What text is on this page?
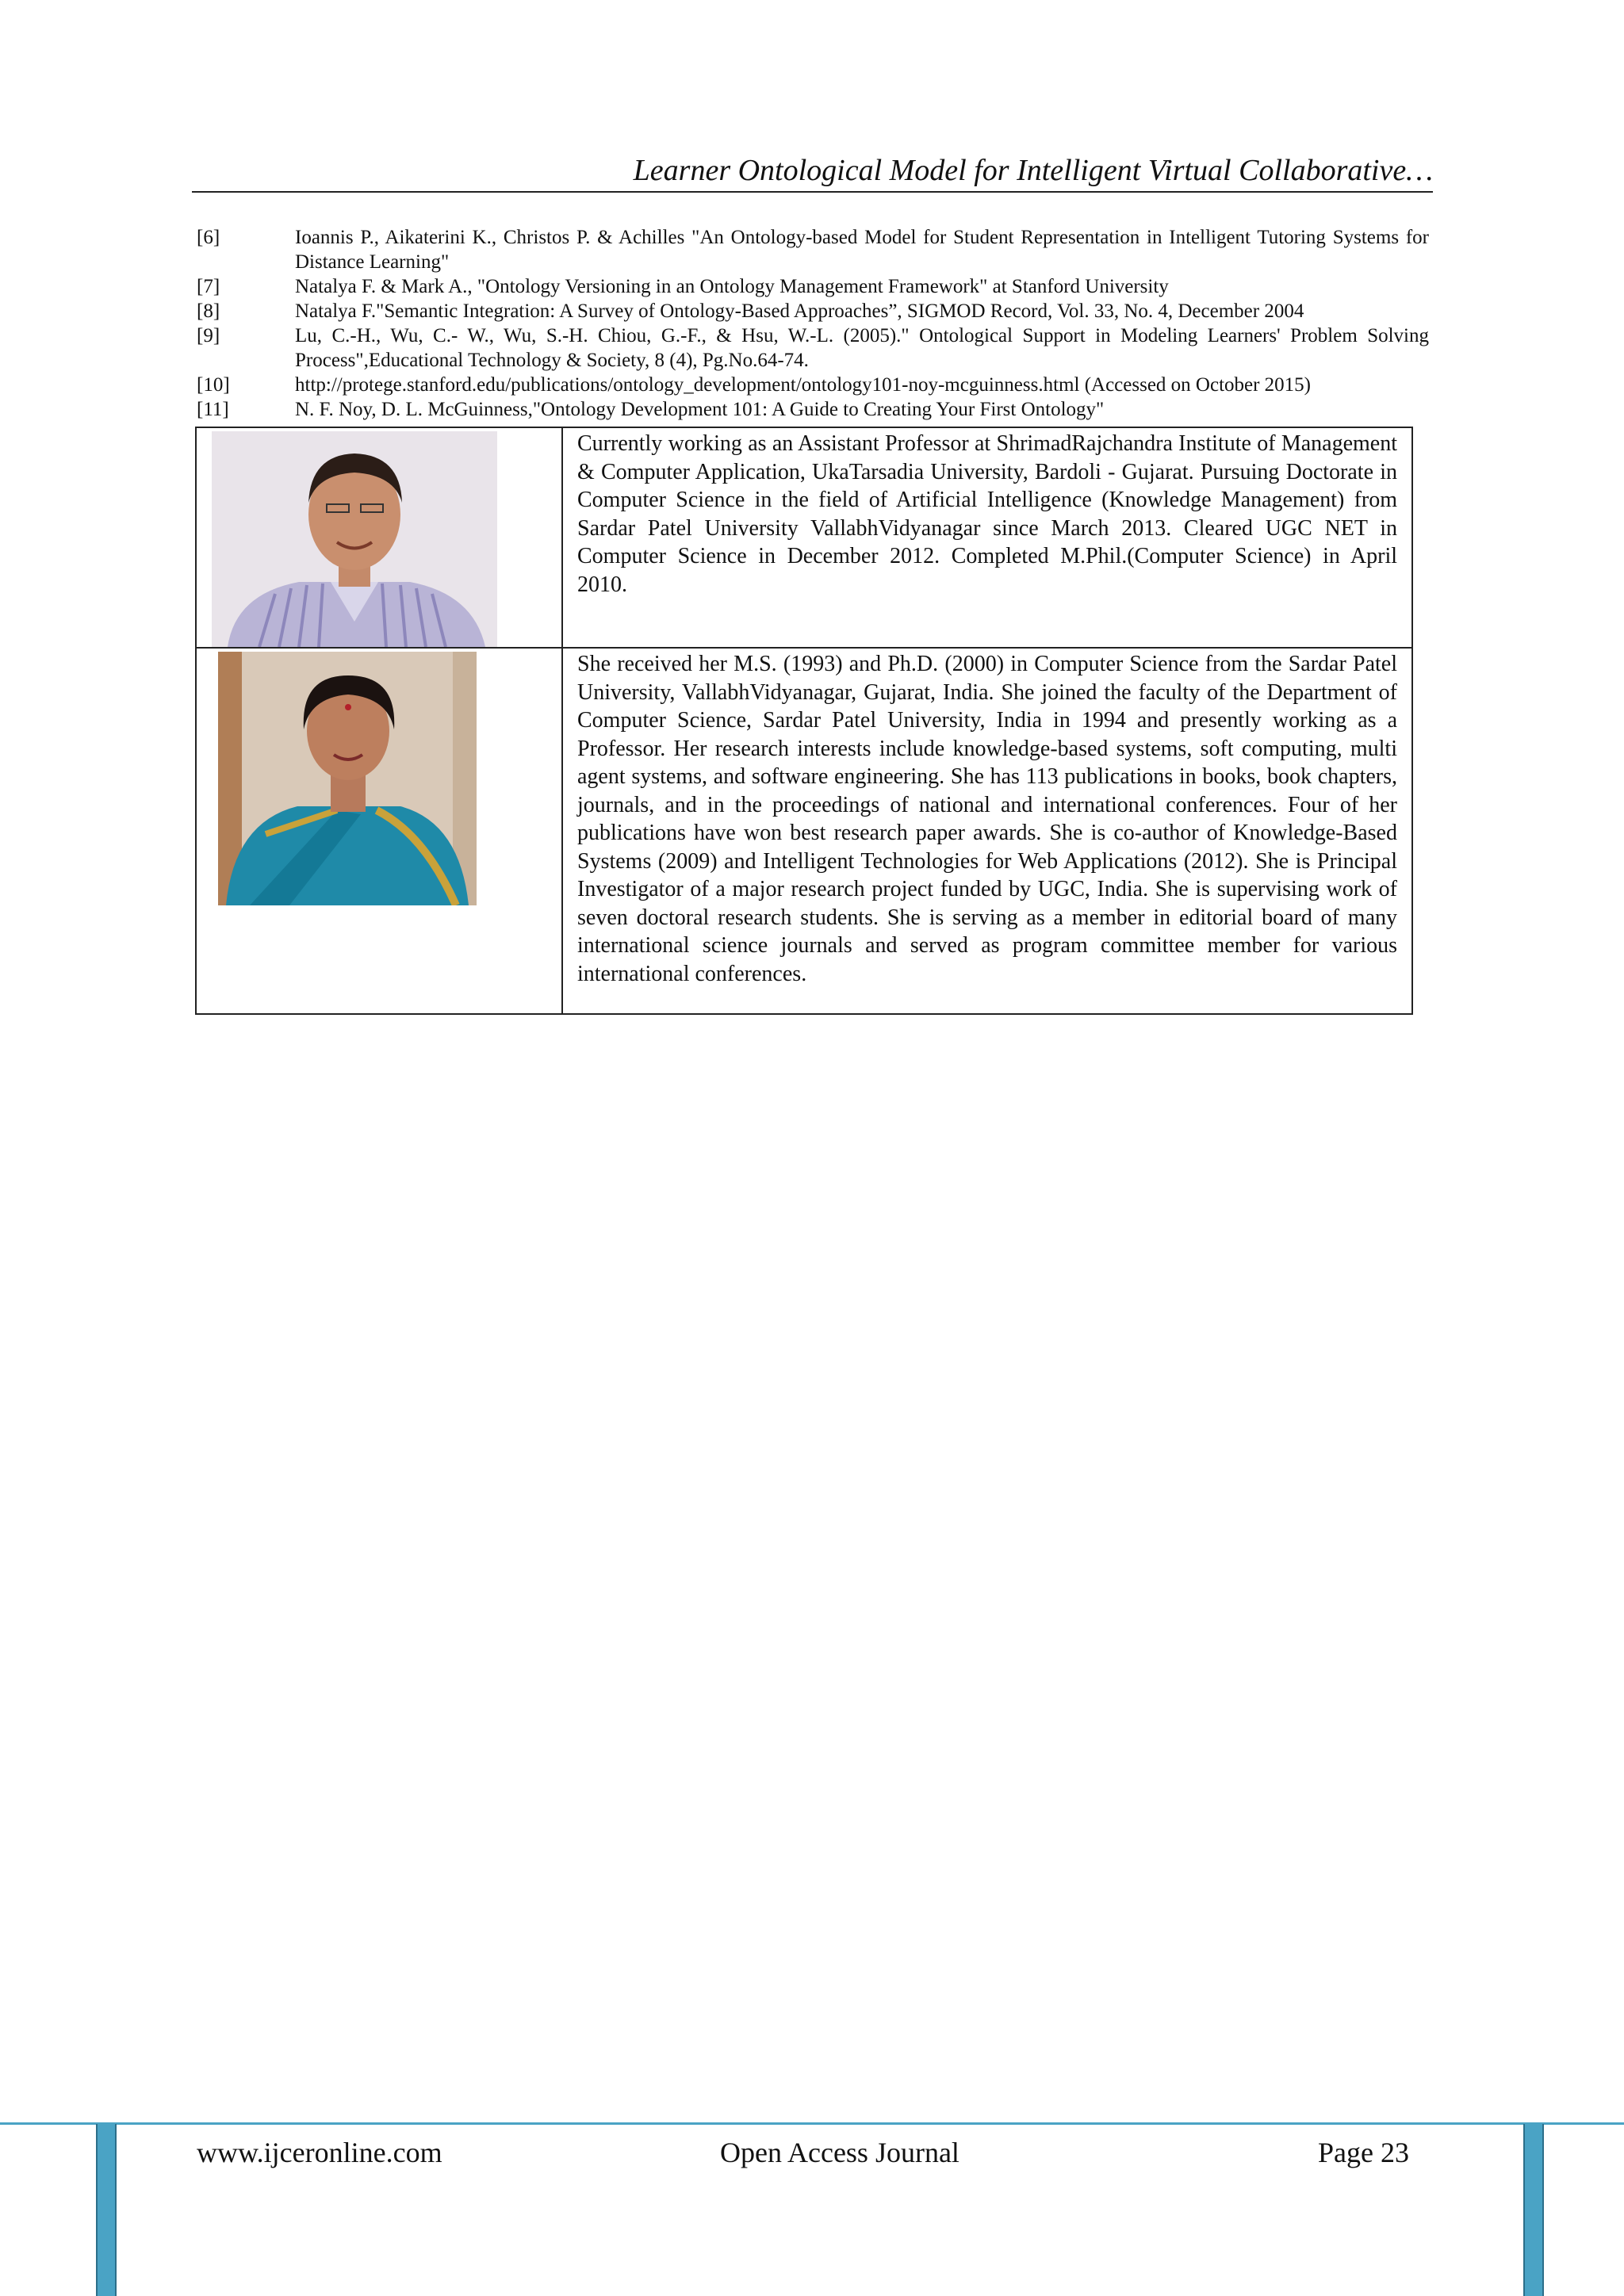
Learner Ontological Model for Intelligent Virtual Collaborative…
[6]	Ioannis P., Aikaterini K., Christos P. & Achilles "An Ontology-based Model for Student Representation in Intelligent Tutoring Systems for Distance Learning"
[7]	Natalya F. & Mark A., "Ontology Versioning in an Ontology Management Framework" at Stanford University
[8]	Natalya F."Semantic Integration: A Survey of Ontology-Based Approaches”, SIGMOD Record, Vol. 33, No. 4, December 2004
[9]	Lu, C.-H., Wu, C.- W., Wu, S.-H. Chiou, G.-F., & Hsu, W.-L. (2005)." Ontological Support in Modeling Learners' Problem Solving Process",Educational Technology & Society, 8 (4), Pg.No.64-74.
[10]	http://protege.stanford.edu/publications/ontology_development/ontology101-noy-mcguinness.html (Accessed on October 2015)
[11]	N. F. Noy, D. L. McGuinness,"Ontology Development 101: A Guide to Creating Your First Ontology"
	Currently working as an Assistant Professor at ShrimadRajchandra Institute of Management & Computer Application, UkaTarsadia University, Bardoli - Gujarat. Pursuing Doctorate in Computer Science in the field of Artificial Intelligence (Knowledge Management) from Sardar Patel University VallabhVidyanagar since March 2013. Cleared UGC NET in Computer Science in December 2012. Completed M.Phil.(Computer Science) in April 2010.

	She received her M.S. (1993) and Ph.D. (2000) in Computer Science from the Sardar Patel University, VallabhVidyanagar, Gujarat, India. She joined the faculty of the Department of Computer Science, Sardar Patel University, India in 1994 and presently working as a Professor. Her research interests include knowledge-based systems, soft computing, multi agent systems, and software engineering. She has 113 publications in books, book chapters, journals, and in the proceedings of national and international conferences. Four of her publications have won best research paper awards. She is co-author of Knowledge-Based Systems (2009) and Intelligent Technologies for Web Applications (2012). She is Principal Investigator of a major research project funded by UGC, India. She is supervising work of seven doctoral research students. She is serving as a member in editorial board of many international science journals and served as program committee member for various international conferences.
www.ijceronline.com	Open Access Journal	Page 23
